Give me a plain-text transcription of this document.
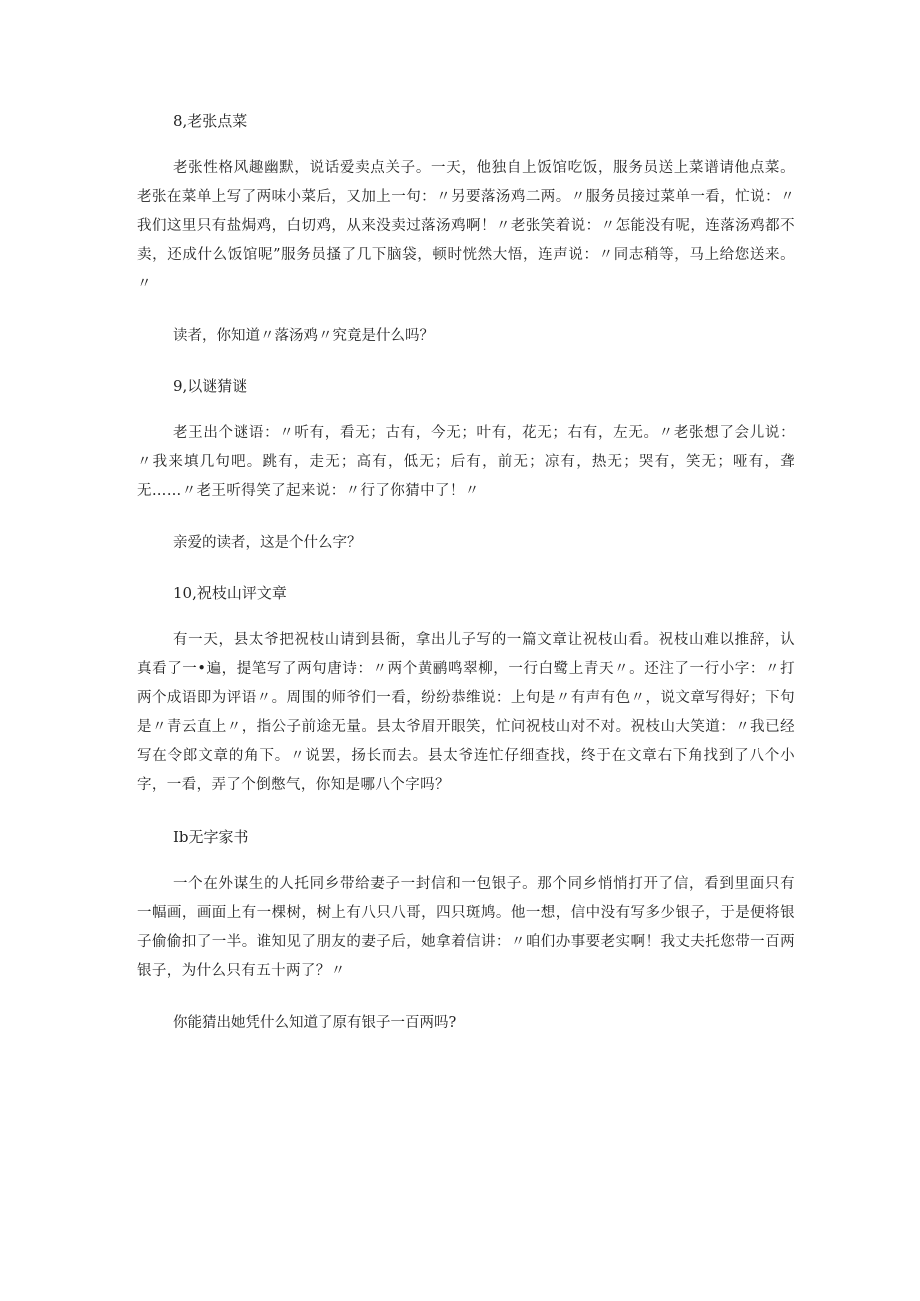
8,老张点菜

老张性格风趣幽默，说话爱卖点关子。一天，他独自上饭馆吃饭，服务员送上菜谱请他点菜。老张在菜单上写了两味小菜后，又加上一句：〃另要落汤鸡二两。〃服务员接过菜单一看，忙说：〃我们这里只有盐焗鸡，白切鸡，从来没卖过落汤鸡啊！〃老张笑着说：〃怎能没有呢，连落汤鸡都不卖，还成什么饭馆呢”服务员搔了几下脑袋，顿时恍然大悟，连声说：〃同志稍等，马上给您送来。〃

读者，你知道〃落汤鸡〃究竟是什么吗？

9,以谜猜谜

老王出个谜语：〃听有，看无；古有，今无；叶有，花无；右有，左无。〃老张想了会儿说：〃我来填几句吧。跳有，走无；高有，低无；后有，前无；凉有，热无；哭有，笑无；哑有，聋无……〃老王听得笑了起来说：〃行了你猜中了！〃

亲爱的读者，这是个什么字？

10,祝枝山评文章

有一天，县太爷把祝枝山请到县衙，拿出儿子写的一篇文章让祝枝山看。祝枝山难以推辞，认真看了一•遍，提笔写了两句唐诗：〃两个黄鹂鸣翠柳，一行白鹭上青天〃。还注了一行小字：〃打两个成语即为评语〃。周围的师爷们一看，纷纷恭维说：上句是〃有声有色〃，说文章写得好；下句是〃青云直上〃，指公子前途无量。县太爷眉开眼笑，忙问祝枝山对不对。祝枝山大笑道：〃我已经写在令郎文章的角下。〃说罢，扬长而去。县太爷连忙仔细查找，终于在文章右下角找到了八个小字，一看，弄了个倒憋气，你知是哪八个字吗？

Ib无字家书

一个在外谋生的人托同乡带给妻子一封信和一包银子。那个同乡悄悄打开了信，看到里面只有一幅画，画面上有一棵树，树上有八只八哥，四只斑鸠。他一想，信中没有写多少银子，于是便将银子偷偷扣了一半。谁知见了朋友的妻子后，她拿着信讲：〃咱们办事要老实啊！我丈夫托您带一百两银子，为什么只有五十两了？〃

你能猜出她凭什么知道了原有银子一百两吗?
